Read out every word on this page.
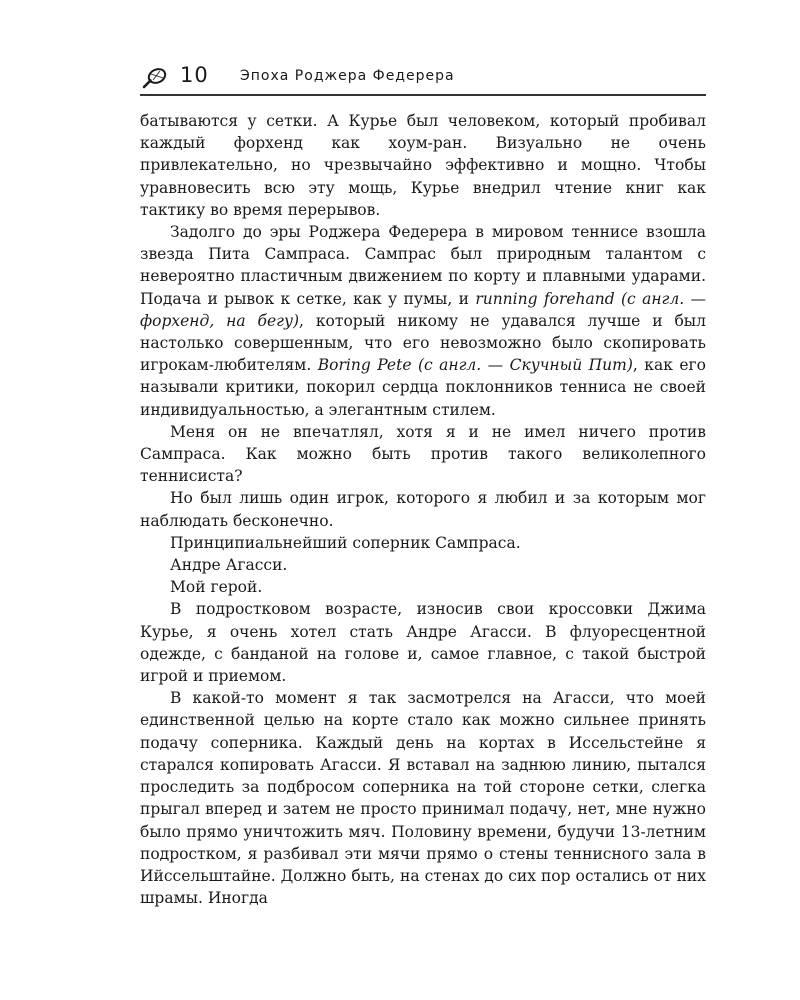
10 Эпоха Роджера Федерера

батываются у сетки. А Курье был человеком, который пробивал каждый форхенд как хоум-ран. Визуально не очень привлекательно, но чрезвычайно эффективно и мощно. Чтобы уравновесить всю эту мощь, Курье внедрил чтение книг как тактику во время перерывов.

Задолго до эры Роджера Федерера в мировом теннисе взошла звезда Пита Сампраса. Сампрас был природным талантом с невероятно пластичным движением по корту и плавными ударами. Подача и рывок к сетке, как у пумы, и running forehand (с англ. — форхенд, на бегу), который никому не удавался лучше и был настолько совершенным, что его невозможно было скопировать игрокам-любителям. Boring Pete (с англ. — Скучный Пит), как его называли критики, покорил сердца поклонников тенниса не своей индивидуальностью, а элегантным стилем.

Меня он не впечатлял, хотя я и не имел ничего против Сампраса. Как можно быть против такого великолепного теннисиста?

Но был лишь один игрок, которого я любил и за которым мог наблюдать бесконечно.

Принципиальнейший соперник Сампраса.

Андре Агасси.

Мой герой.

В подростковом возрасте, износив свои кроссовки Джима Курье, я очень хотел стать Андре Агасси. В флуоресцентной одежде, с банданой на голове и, самое главное, с такой быстрой игрой и приемом.

В какой-то момент я так засмотрелся на Агасси, что моей единственной целью на корте стало как можно сильнее принять подачу соперника. Каждый день на кортах в Иссельстейне я старался копировать Агасси. Я вставал на заднюю линию, пытался проследить за подбросом соперника на той стороне сетки, слегка прыгал вперед и затем не просто принимал подачу, нет, мне нужно было прямо уничтожить мяч. Половину времени, будучи 13-летним подростком, я разбивал эти мячи прямо о стены теннисного зала в Ийссельштайне. Должно быть, на стенах до сих пор остались от них шрамы. Иногда
